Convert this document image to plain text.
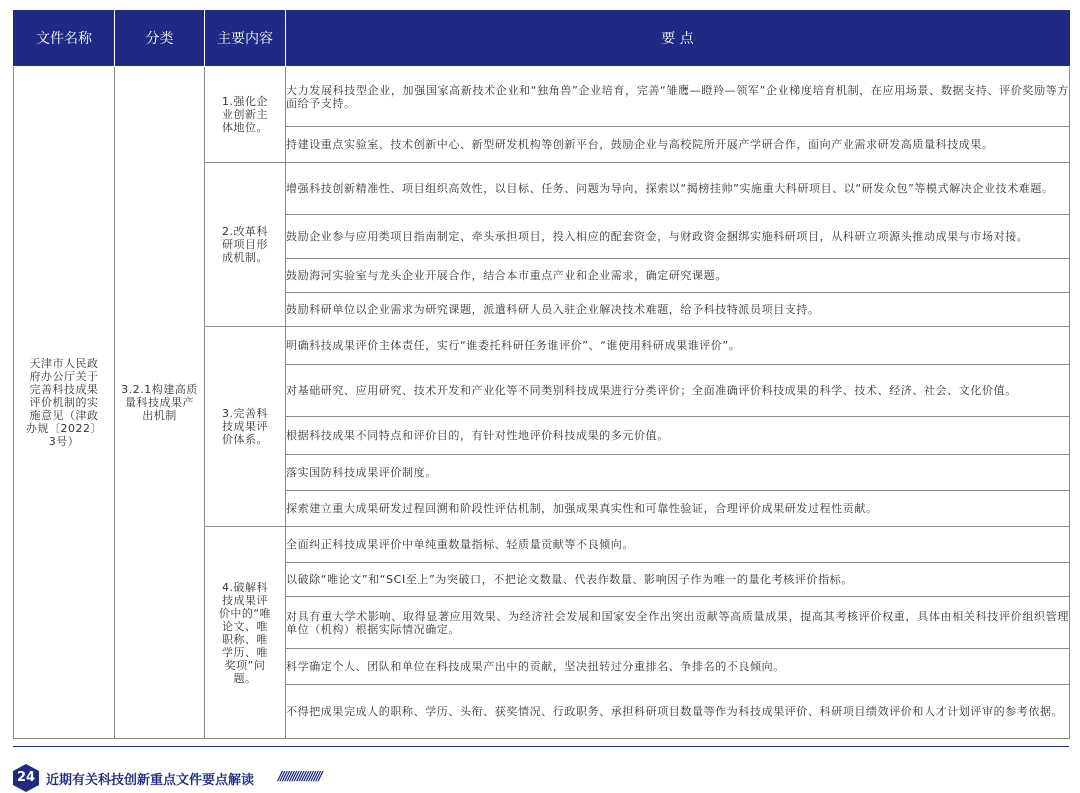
文件名称	分类	主要内容	要 点
天津市人民政府办公厅关于完善科技成果评价机制的实施意见（津政办规〔2022〕3号）	3.2.1构建高质量科技成果产出机制	1.强化企业创新主体地位。	大力发展科技型企业，加强国家高新技术企业和“独角兽”企业培育，完善“雏鹰—瞪羚—领军”企业梯度培育机制，在应用场景、数据支持、评价奖励等方面给予支持。

			持建设重点实验室、技术创新中心、新型研发机构等创新平台，鼓励企业与高校院所开展产学研合作，面向产业需求研发高质量科技成果。

		2.改革科研项目形成机制。	增强科技创新精准性、项目组织高效性，以目标、任务、问题为导向，探索以“揭榜挂帅”实施重大科研项目、以“研发众包”等模式解决企业技术难题。

			鼓励企业参与应用类项目指南制定、牵头承担项目，投入相应的配套资金，与财政资金捆绑实施科研项目，从科研立项源头推动成果与市场对接。

			鼓励海河实验室与龙头企业开展合作，结合本市重点产业和企业需求，确定研究课题。

			鼓励科研单位以企业需求为研究课题，派遣科研人员入驻企业解决技术难题，给予科技特派员项目支持。

		3.完善科技成果评价体系。	明确科技成果评价主体责任，实行“谁委托科研任务谁评价”、“谁使用科研成果谁评价”。

			对基础研究、应用研究、技术开发和产业化等不同类别科技成果进行分类评价；全面准确评价科技成果的科学、技术、经济、社会、文化价值。

			根据科技成果不同特点和评价目的，有针对性地评价科技成果的多元价值。

			落实国防科技成果评价制度。

			探索建立重大成果研发过程回溯和阶段性评估机制，加强成果真实性和可靠性验证，合理评价成果研发过程性贡献。

		4.破解科技成果评价中的“唯论文、唯职称、唯学历、唯奖项”问题。	全面纠正科技成果评价中单纯重数量指标、轻质量贡献等不良倾向。

			以破除“唯论文”和“SCI至上”为突破口，不把论文数量、代表作数量、影响因子作为唯一的量化考核评价指标。

			对具有重大学术影响、取得显著应用效果、为经济社会发展和国家安全作出突出贡献等高质量成果，提高其考核评价权重，具体由相关科技评价组织管理单位（机构）根据实际情况确定。

			科学确定个人、团队和单位在科技成果产出中的贡献，坚决扭转过分重排名、争排名的不良倾向。

			不得把成果完成人的职称、学历、头衔、获奖情况、行政职务、承担科研项目数量等作为科技成果评价、科研项目绩效评价和人才计划评审的参考依据。
24 近期有关科技创新重点文件要点解读 //////////////////
